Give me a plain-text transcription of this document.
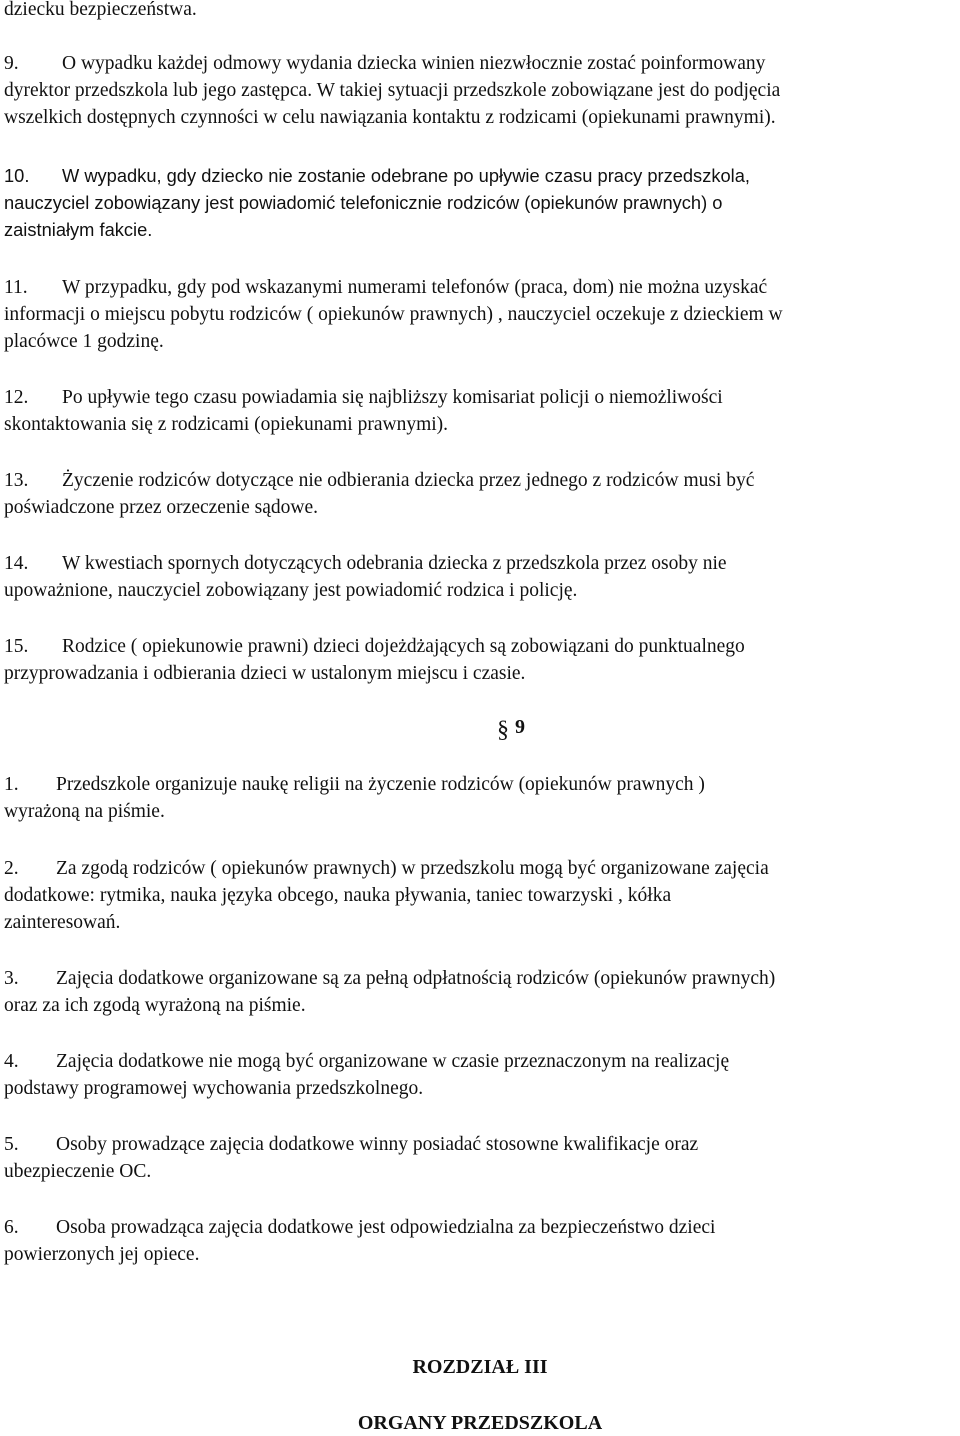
dziecku bezpieczeństwa.
9. O wypadku każdej odmowy wydania dziecka winien niezwłocznie zostać poinformowany
dyrektor przedszkola lub jego zastępca. W takiej sytuacji przedszkole zobowiązane jest do podjęcia
wszelkich dostępnych czynności w celu nawiązania kontaktu z rodzicami (opiekunami prawnymi).
10. W wypadku, gdy dziecko nie zostanie odebrane po upływie czasu pracy przedszkola,
nauczyciel zobowiązany jest powiadomić telefonicznie rodziców (opiekunów prawnych) o
zaistniałym fakcie.
11. W przypadku, gdy pod wskazanymi numerami telefonów (praca, dom) nie można uzyskać
informacji o miejscu pobytu rodziców ( opiekunów prawnych) , nauczyciel oczekuje z dzieckiem w
placówce 1 godzinę.
12. Po upływie tego czasu powiadamia się najbliższy komisariat policji o niemożliwości
skontaktowania się z rodzicami (opiekunami prawnymi).
13. Życzenie rodziców dotyczące nie odbierania dziecka przez jednego z rodziców musi być
poświadczone przez orzeczenie sądowe.
14. W kwestiach spornych dotyczących odebrania dziecka z przedszkola przez osoby nie
upoważnione, nauczyciel zobowiązany jest powiadomić rodzica i policję.
15. Rodzice ( opiekunowie prawni) dzieci dojeżdżających są zobowiązani do punktualnego
przyprowadzania i odbierania dzieci w ustalonym miejscu i czasie.
§ 9
1. Przedszkole organizuje naukę religii na życzenie rodziców (opiekunów prawnych )
wyrażoną na piśmie.
2. Za zgodą rodziców ( opiekunów prawnych) w przedszkolu mogą być organizowane zajęcia
dodatkowe: rytmika, nauka języka obcego, nauka pływania, taniec towarzyski , kółka
zainteresowań.
3. Zajęcia dodatkowe organizowane są za pełną odpłatnością rodziców (opiekunów prawnych)
oraz za ich zgodą wyrażoną na piśmie.
4. Zajęcia dodatkowe nie mogą być organizowane w czasie przeznaczonym na realizację
podstawy programowej wychowania przedszkolnego.
5. Osoby prowadzące zajęcia dodatkowe winny posiadać stosowne kwalifikacje oraz
ubezpieczenie OC.
6. Osoba prowadząca zajęcia dodatkowe jest odpowiedzialna za bezpieczeństwo dzieci
powierzonych jej opiece.
ROZDZIAŁ III
ORGANY PRZEDSZKOLA
